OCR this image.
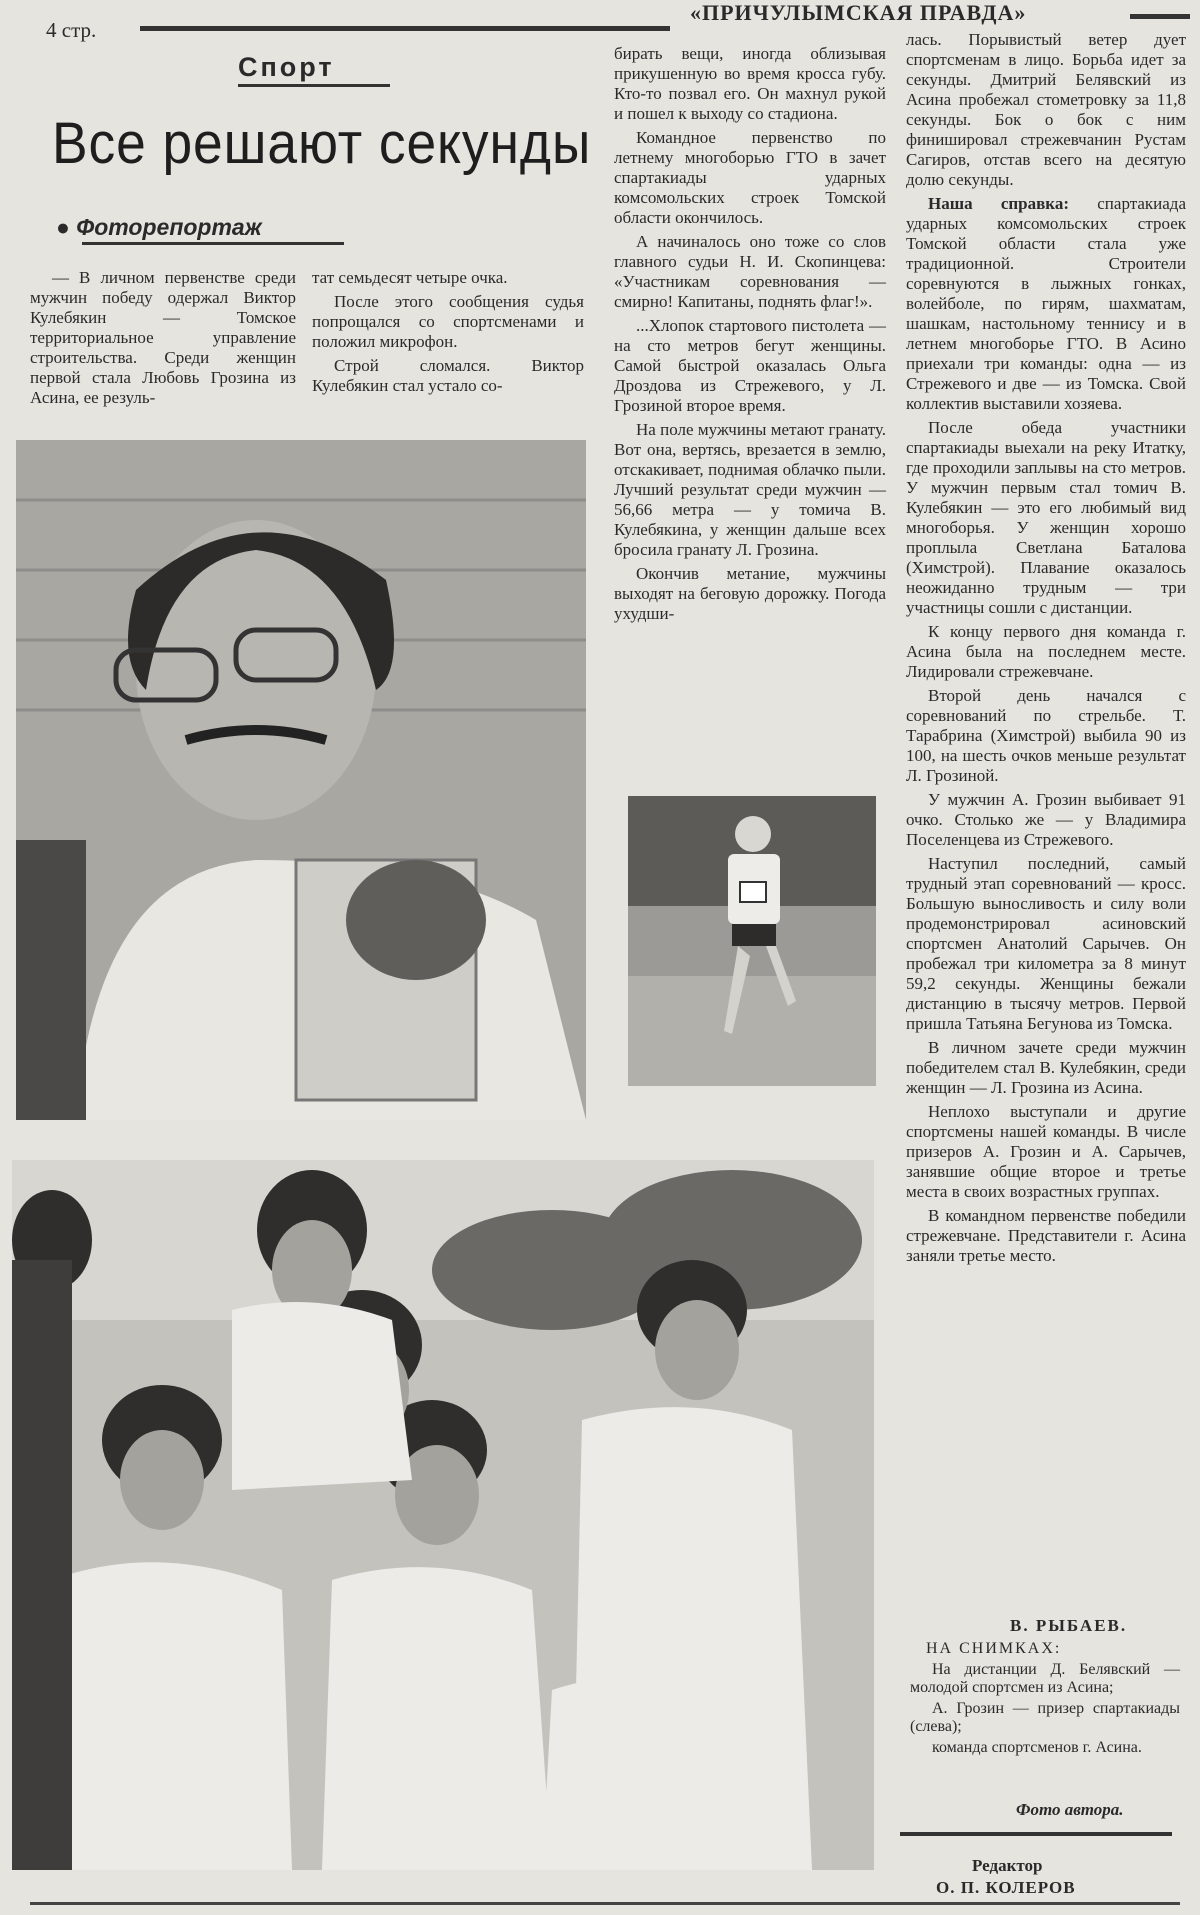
4 стр.
«ПРИЧУЛЫМСКАЯ ПРАВДА»
Спорт
Все решают секунды
● Фоторепортаж

— В личном первенстве среди мужчин победу одержал Виктор Кулебякин — Томское территориальное управление строительства. Среди женщин первой стала Любовь Грозина из Асина, ее резуль-

тат семьдесят четыре очка.

После этого сообщения судья попрощался со спортсменами и положил микрофон.

Строй сломался. Виктор Кулебякин стал устало со-

бирать вещи, иногда облизывая прикушенную во время кросса губу. Кто-то позвал его. Он махнул рукой и пошел к выходу со стадиона.

Командное первенство по летнему многоборью ГТО в зачет спартакиады ударных комсомольских строек Томской области окончилось.

А начиналось оно тоже со слов главного судьи Н. И. Скопинцева: «Участникам соревнования — смирно! Капитаны, поднять флаг!».

...Хлопок стартового пистолета — на сто метров бегут женщины. Самой быстрой оказалась Ольга Дроздова из Стрежевого, у Л. Грозиной второе время.

На поле мужчины метают гранату. Вот она, вертясь, врезается в землю, отскакивает, поднимая облачко пыли. Лучший результат среди мужчин — 56,66 метра — у томича В. Кулебякина, у женщин дальше всех бросила гранату Л. Грозина.

Окончив метание, мужчины выходят на беговую дорожку. Погода ухудши-

лась. Порывистый ветер дует спортсменам в лицо. Борьба идет за секунды. Дмитрий Белявский из Асина пробежал стометровку за 11,8 секунды. Бок о бок с ним финишировал стрежевчанин Рустам Сагиров, отстав всего на десятую долю секунды.

Наша справка: спартакиада ударных комсомольских строек Томской области стала уже традиционной. Строители соревнуются в лыжных гонках, волейболе, по гирям, шахматам, шашкам, настольному теннису и в летнем многоборье ГТО. В Асино приехали три команды: одна — из Стрежевого и две — из Томска. Свой коллектив выставили хозяева.

После обеда участники спартакиады выехали на реку Итатку, где проходили заплывы на сто метров. У мужчин первым стал томич В. Кулебякин — это его любимый вид многоборья. У женщин хорошо проплыла Светлана Баталова (Химстрой). Плавание оказалось неожиданно трудным — три участницы сошли с дистанции.

К концу первого дня команда г. Асина была на последнем месте. Лидировали стрежевчане.

Второй день начался с соревнований по стрельбе. Т. Тарабрина (Химстрой) выбила 90 из 100, на шесть очков меньше результат Л. Грозиной.

У мужчин А. Грозин выбивает 91 очко. Столько же — у Владимира Поселенцева из Стрежевого.

Наступил последний, самый трудный этап соревнований — кросс. Большую выносливость и силу воли продемонстрировал асиновский спортсмен Анатолий Сарычев. Он пробежал три километра за 8 минут 59,2 секунды. Женщины бежали дистанцию в тысячу метров. Первой пришла Татьяна Бегунова из Томска.

В личном зачете среди мужчин победителем стал В. Кулебякин, среди женщин — Л. Грозина из Асина.

Неплохо выступали и другие спортсмены нашей команды. В числе призеров А. Грозин и А. Сарычев, занявшие общие второе и третье места в своих возрастных группах.

В командном первенстве победили стрежевчане. Представители г. Асина заняли третье место.

В. РЫБАЕВ.

НА СНИМКАХ:

На дистанции Д. Белявский — молодой спортсмен из Асина;

А. Грозин — призер спартакиады (слева);

команда спортсменов г. Асина.

Фото автора.
Редактор
О. П. КОЛЕРОВ
